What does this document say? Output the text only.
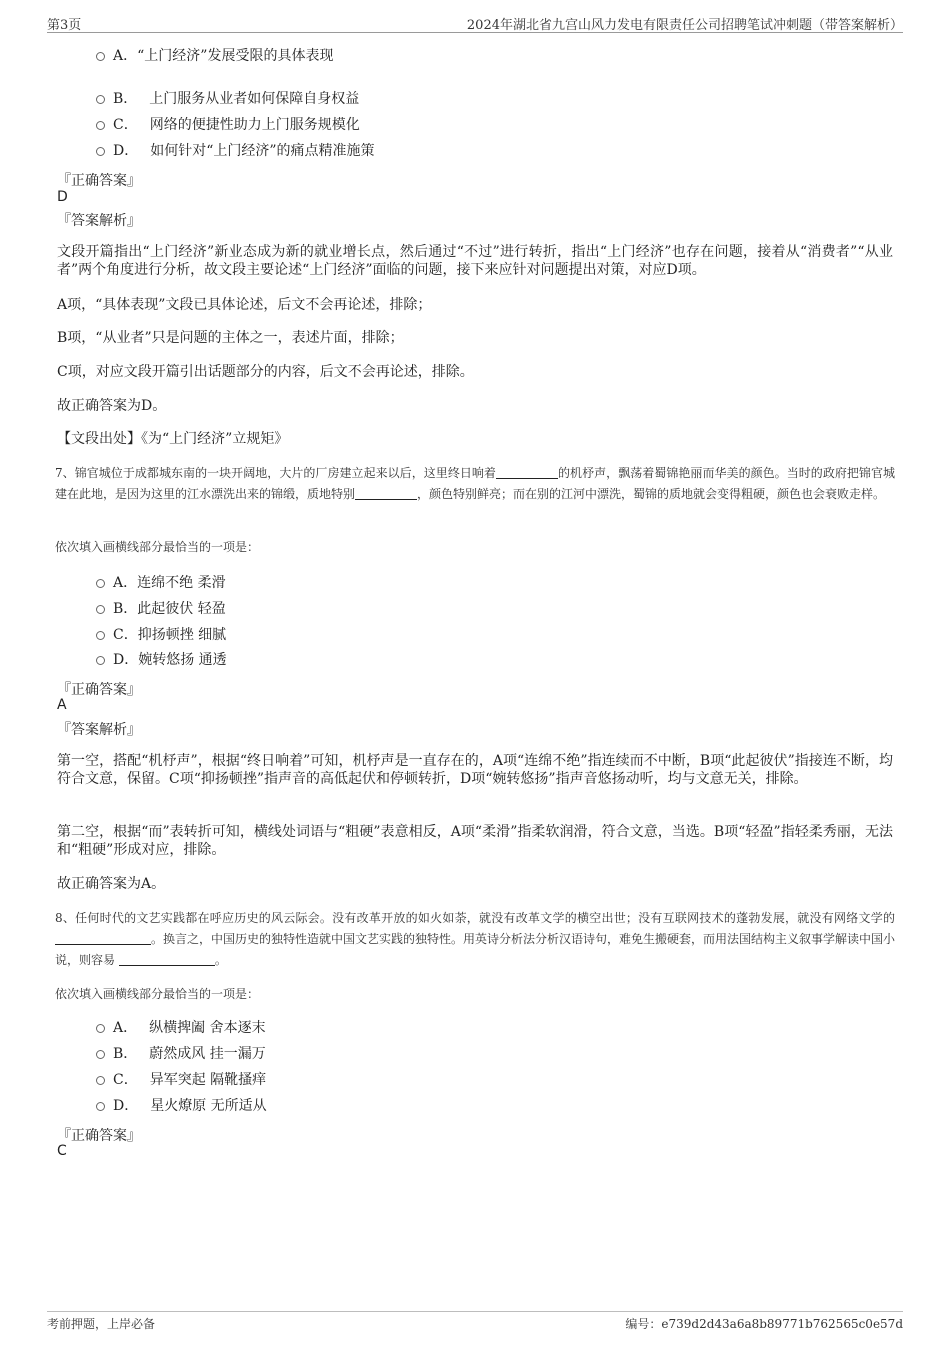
第3页	2024年湖北省九宫山风力发电有限责任公司招聘笔试冲刺题（带答案解析）
A．“上门经济”发展受限的具体表现
B． 上门服务从业者如何保障自身权益
C． 网络的便捷性助力上门服务规模化
D． 如何针对“上门经济”的痛点精准施策
『正确答案』
D
『答案解析』
文段开篇指出“上门经济”新业态成为新的就业增长点，然后通过“不过”进行转折，指出“上门经济”也存在问题，接着从“消费者”“从业者”两个角度进行分析，故文段主要论述“上门经济”面临的问题，接下来应针对问题提出对策，对应D项。
A项，“具体表现”文段已具体论述，后文不会再论述，排除；
B项，“从业者”只是问题的主体之一，表述片面，排除；
C项，对应文段开篇引出话题部分的内容，后文不会再论述，排除。
故正确答案为D。
【文段出处】《为“上门经济”立规矩》
7、锦官城位于成都城东南的一块开阔地，大片的厂房建立起来以后，这里终日响着	的机杼声，飘荡着蜀锦艳丽而华美的颜色。当时的政府把锦官城建在此地，是因为这里的江水漂洗出来的锦缎，质地特别	，颜色特别鲜亮；而在别的江河中漂洗，蜀锦的质地就会变得粗硬，颜色也会衰败走样。
依次填入画横线部分最恰当的一项是：
A．连绵不绝 柔滑
B．此起彼伏 轻盈
C．抑扬顿挫 细腻
D．婉转悠扬 通透
『正确答案』
A
『答案解析』
第一空，搭配“机杼声”，根据“终日响着”可知，机杼声是一直存在的，A项“连绵不绝”指连续而不中断，B项“此起彼伏”指接连不断，均符合文意，保留。C项“抑扬顿挫”指声音的高低起伏和停顿转折，D项“婉转悠扬”指声音悠扬动听，均与文意无关，排除。
第二空，根据“而”表转折可知，横线处词语与“粗硬”表意相反，A项“柔滑”指柔软润滑，符合文意，当选。B项“轻盈”指轻柔秀丽，无法和“粗硬”形成对应，排除。
故正确答案为A。
8、任何时代的文艺实践都在呼应历史的风云际会。没有改革开放的如火如荼，就没有改革文学的横空出世；没有互联网技术的蓬勃发展，就没有网络文学的 。换言之，中国历史的独特性造就中国文艺实践的独特性。用英诗分析法分析汉语诗句，难免生搬硬套，而用法国结构主义叙事学解读中国小说，则容易	。
依次填入画横线部分最恰当的一项是：
A． 纵横捭阖 舍本逐末
B． 蔚然成风 挂一漏万
C． 异军突起 隔靴搔痒
D． 星火燎原 无所适从
『正确答案』
C
考前押题，上岸必备	编号：e739d2d43a6a8b89771b762565c0e57d
